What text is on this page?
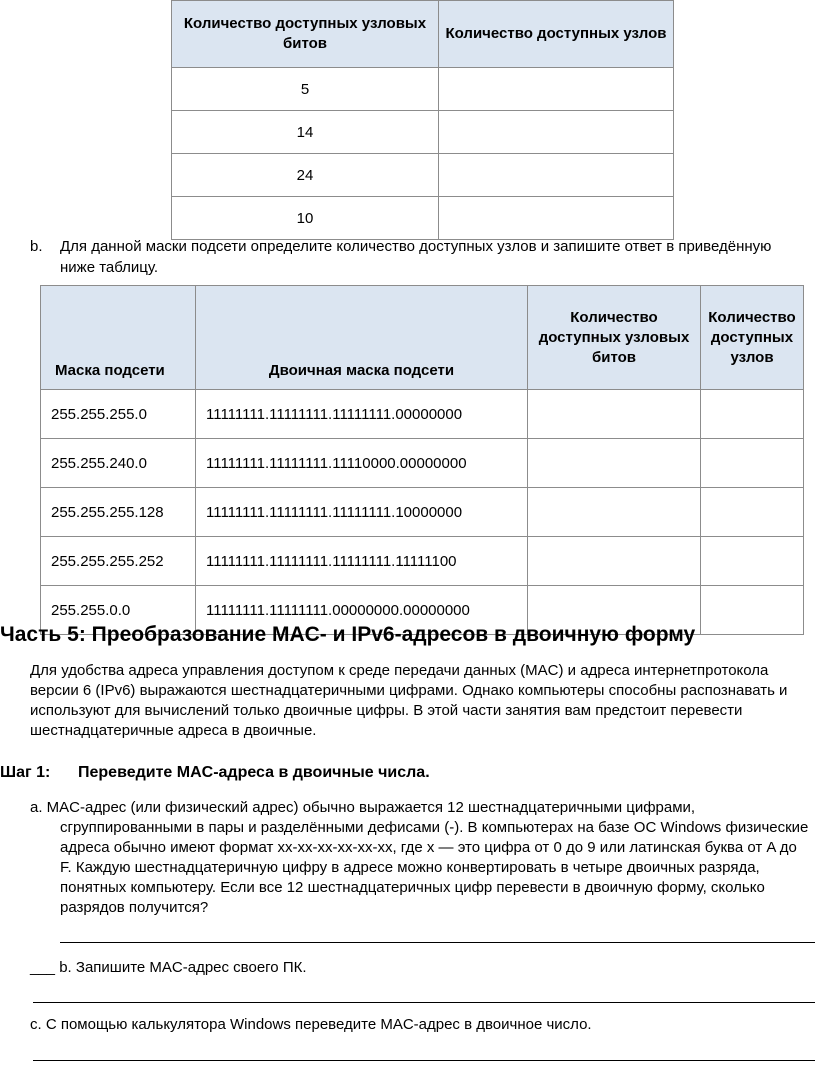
Количество доступных узловых битов	Количество доступных узлов
5	
14	
24	
10	
b. Для данной маски подсети определите количество доступных узлов и запишите ответ в приведённую ниже таблицу.
Маска подсети	Двоичная маска подсети	Количество доступных узловых битов	Количество доступных узлов
255.255.255.0	11111111.11111111.11111111.00000000		
255.255.240.0	11111111.11111111.11110000.00000000		
255.255.255.128	11111111.11111111.11111111.10000000		
255.255.255.252	11111111.11111111.11111111.11111100		
255.255.0.0	11111111.11111111.00000000.00000000		
Часть 5: Преобразование MAC- и IPv6-адресов в двоичную форму
Для удобства адреса управления доступом к среде передачи данных (MAC) и адреса интернетпротокола версии 6 (IPv6) выражаются шестнадцатеричными цифрами. Однако компьютеры способны распознавать и используют для вычислений только двоичные цифры. В этой части занятия вам предстоит перевести шестнадцатеричные адреса в двоичные.
Шаг 1: Переведите MAC-адреса в двоичные числа.
a. MAC-адрес (или физический адрес) обычно выражается 12 шестнадцатеричными цифрами,
сгруппированными в пары и разделёнными дефисами (-). В компьютерах на базе ОС Windows физические адреса обычно имеют формат xx-xx-xx-xx-xx-xx, где x — это цифра от 0 до 9 или латинская буква от A до F. Каждую шестнадцатеричную цифру в адресе можно конвертировать в четыре двоичных разряда, понятных компьютеру. Если все 12 шестнадцатеричных цифр перевести в двоичную форму, сколько разрядов получится?
___ b. Запишите MAC-адрес своего ПК.
c. С помощью калькулятора Windows переведите MAC-адрес в двоичное число.
